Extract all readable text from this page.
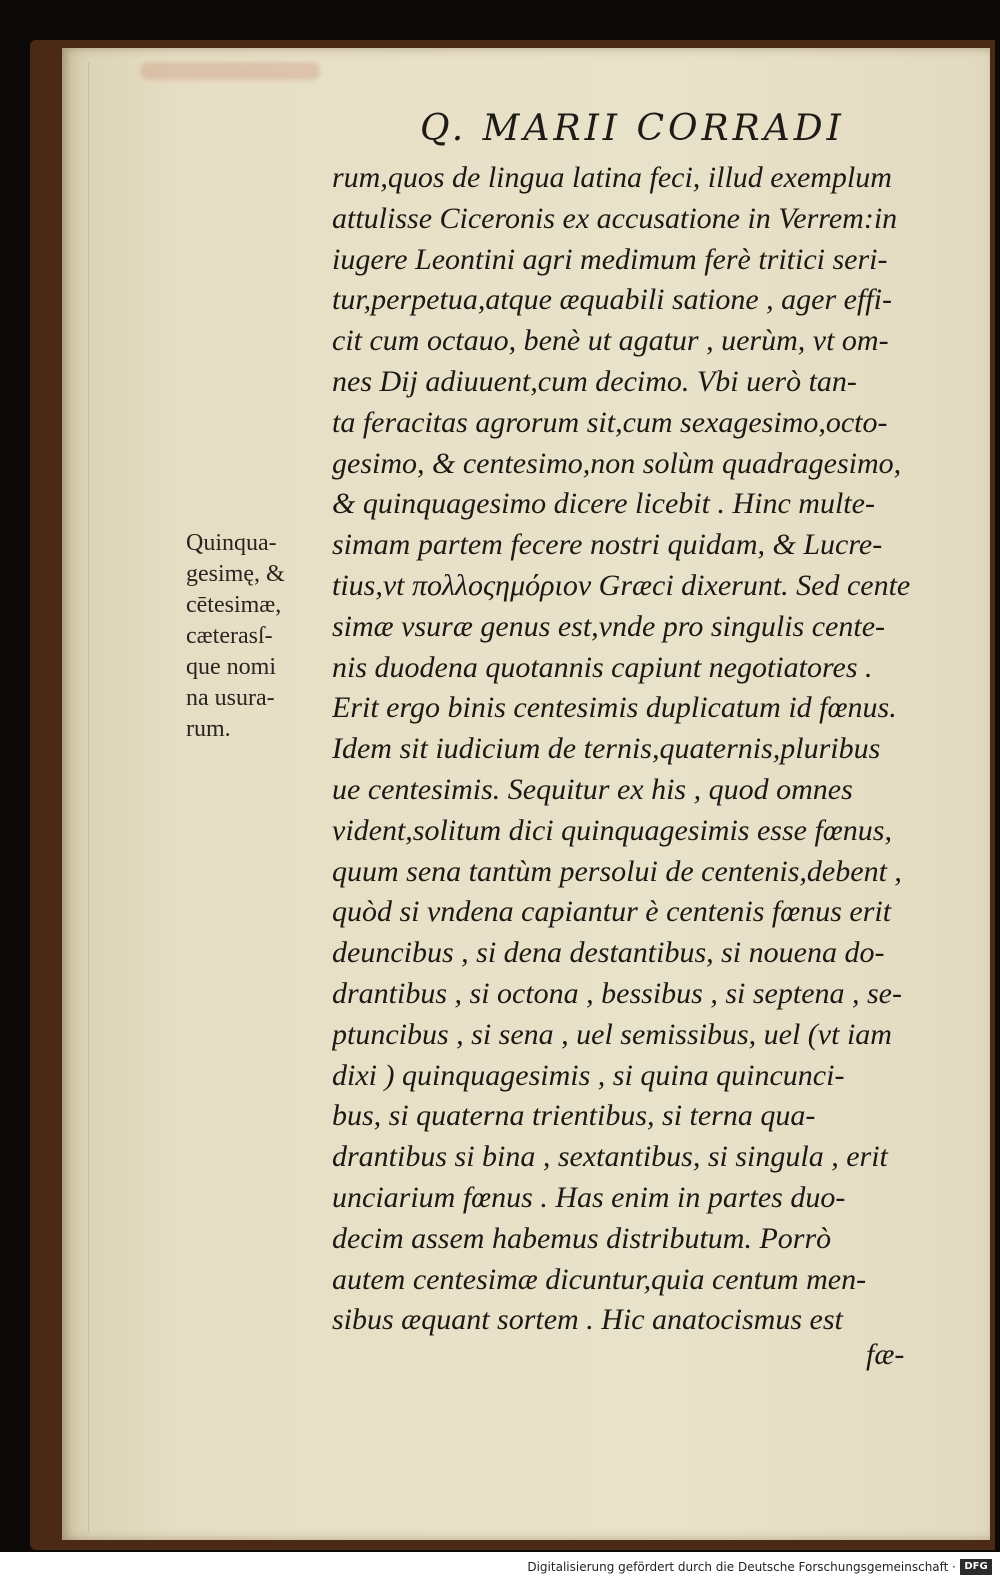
Q. MARII CORRADI
Quinqua-
gesimę, &
cētesimæ,
cæterasſ-
que nomi
na usura-
rum.
rum,quos de lingua latina feci, illud exemplum
attulisse Ciceronis ex accusatione in Verrem:in
iugere Leontini agri medimum ferè tritici seri-
tur,perpetua,atque æquabili satione , ager effi-
cit cum octauo, benè ut agatur , uerùm, vt om-
nes Dij adiuuent,cum decimo. Vbi uerò tan-
ta feracitas agrorum sit,cum sexagesimo,octo-
gesimo, & centesimo,non solùm quadragesimo,
& quinquagesimo dicere licebit . Hinc multe-
simam partem fecere nostri quidam, & Lucre-
tius,vt πολλοςημόριον Græci dixerunt. Sed cente
simæ vsuræ genus est,vnde pro singulis cente-
nis duodena quotannis capiunt negotiatores .
Erit ergo binis centesimis duplicatum id fœnus.
Idem sit iudicium de ternis,quaternis,pluribus
ue centesimis. Sequitur ex his , quod omnes
vident,solitum dici quinquagesimis esse fœnus,
quum sena tantùm persolui de centenis,debent ,
quòd si vndena capiantur è centenis fœnus erit
deuncibus , si dena destantibus, si nouena do-
drantibus , si octona , bessibus , si septena , se-
ptuncibus , si sena , uel semissibus, uel (vt iam
dixi ) quinquagesimis , si quina quincunci-
bus, si quaterna trientibus, si terna qua-
drantibus si bina , sextantibus, si singula , erit
unciarium fœnus . Has enim in partes duo-
decim assem habemus distributum. Porrò
autem centesimæ dicuntur,quia centum men-
sibus æquant sortem . Hic anatocismus est
fæ-
Digitalisierung gefördert durch die Deutsche Forschungsgemeinschaft · DFG
